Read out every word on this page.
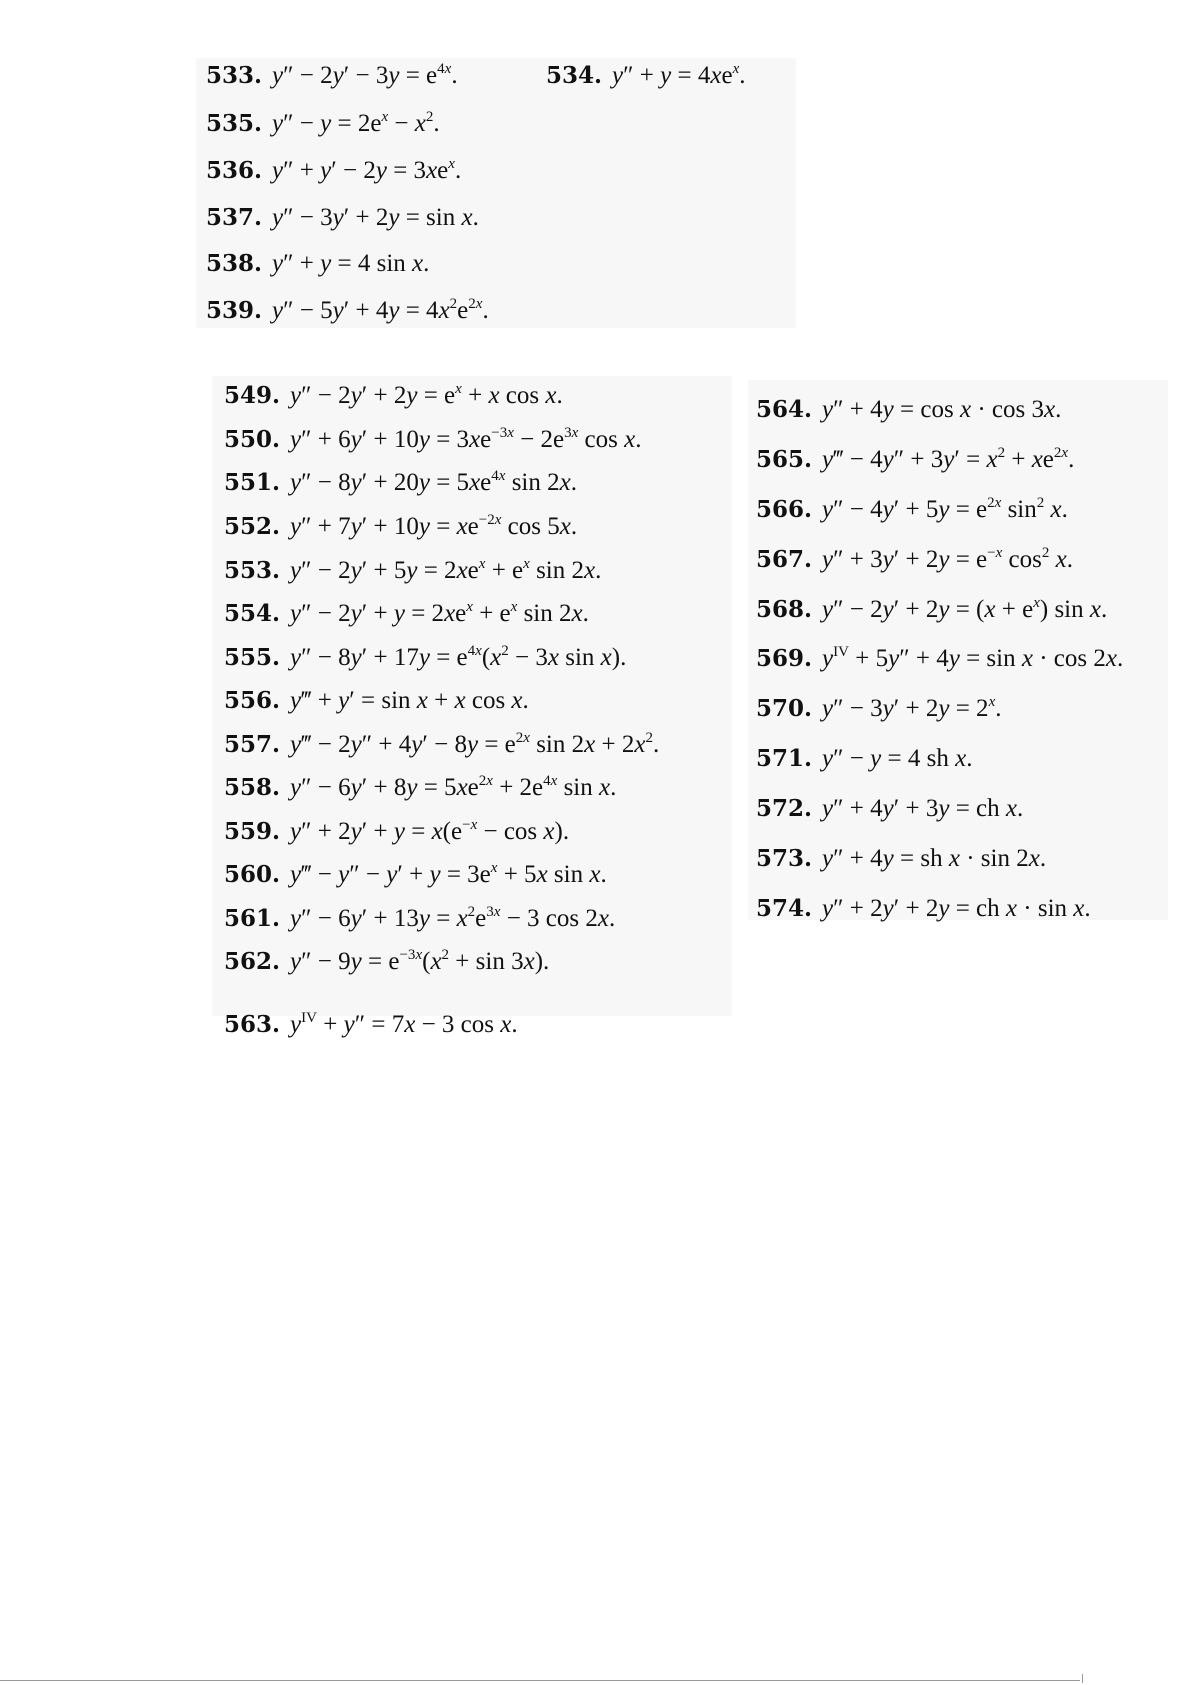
533. $y'' - 2y' - 3y = e^{4x}$.	534. $y'' + y = 4xe^x$.
535. $y'' - y = 2e^x - x^2$.
536. $y'' + y' - 2y = 3xe^x$.
537. y″ − 3y′ + 2y = sin x.
538. y″ + y = 4 sin x.
539. $y'' - 5y' + 4y = 4x^2e^{2x}$.
549. $y'' - 2y' + 2y = e^x + x$ cos x.
550. $y'' + 6y' + 10y = 3xe^{-3x} - 2e^{3x}$ cos x.
551. $y'' - 8y' + 20y = 5xe^{4x}$ sin 2x.
552. $y'' + 7y' + 10y = xe^{-2x}$ cos 5x.
553. $y'' - 2y' + 5y = 2xe^x + e^x$ sin 2x.
554. $y'' - 2y' + y = 2xe^x + e^x$ sin 2x.
555. $y'' - 8y' + 17y = e^{4x}(x^2 - 3x$ sin x).
556. y‴ + y′ = sin x + x cos x.
557. y‴ − $2y'' + 4y' - 8y = e^{2x}$ $\sin 2x + 2x^2$.
558. $y'' - 6y' + 8y = 5xe^{2x} + 2e^{4x}$ sin x.
559. $y'' + 2y' + y = x(e^{-x} - \cos x)$.
560. y‴ − $y'' - y' + y = 3e^x + 5x$ sin x.
561. $y'' - 6y' + 13y = x^2e^{3x} - 3$ cos 2x.
562. $y'' - 9y = e^{-3x}(x^2 + \sin 3x)$.
563. $y^{IV} + y'' = 7x - 3$ cos x.
564. y″ + 4y = cos x · cos 3x.
565. y‴ − $4y'' + 3y' = x^2 + xe^{2x}$.
566. $y'' - 4y' + 5y = e^{2x}$ $\sin^2 x$.
567. $y'' + 3y' + 2y = e^{-x}$ $\cos^2 x$.
568. $y'' - 2y' + 2y = (x + e^x)$ sin x.
569. $y^{IV} + 5y'' + 4y = \sin x \cdot \cos 2x$.
570. $y'' - 3y' + 2y = 2^x$.
571. y″ − y = 4 sh x.
572. y″ + 4y′ + 3y = ch x.
573. y″ + 4y = sh x · sin 2x.
574. y″ + 2y′ + 2y = ch x · sin x.
